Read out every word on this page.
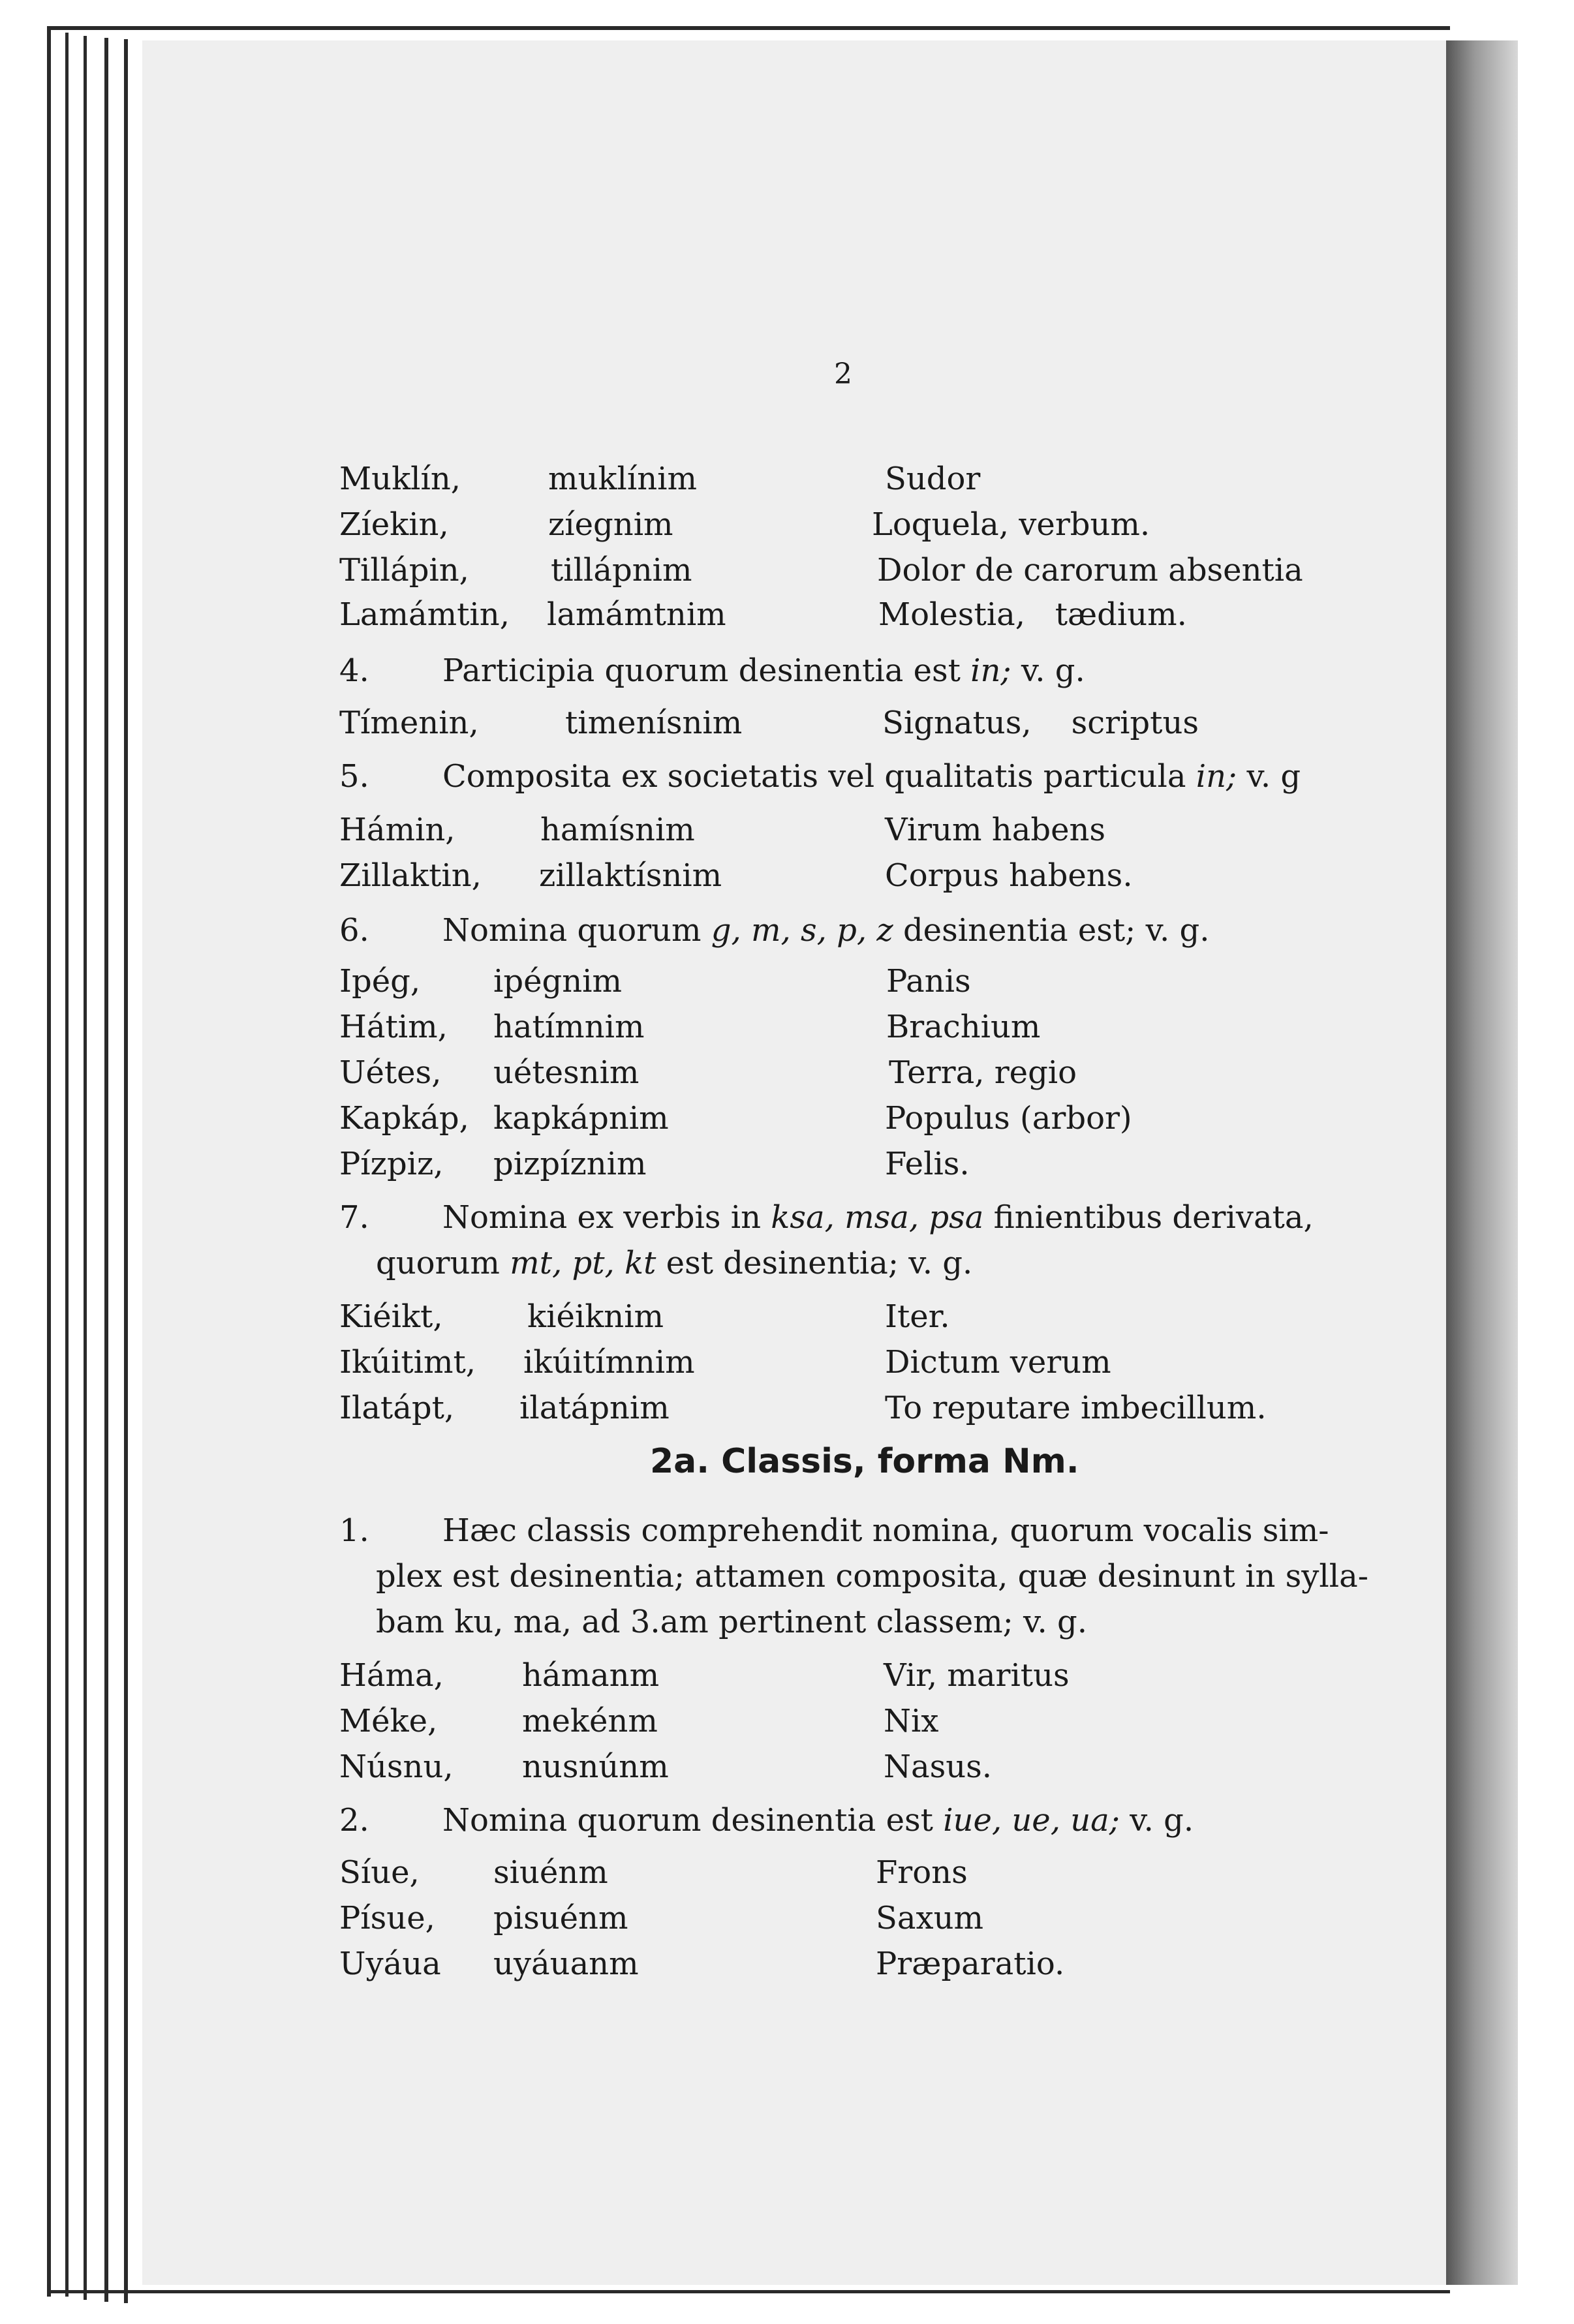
2
Muklín,	muklínim	Sudor
Zíekin,	zíegnim	Loquela, verbum.
Tillápin,	tillápnim	Dolor de carorum absentia
Lamámtin, lamámtnim	Molestia,   tædium.
4. Participia quorum desinentia est in; v. g.
Tímenin,	timenísnim	Signatus,    scriptus
5. Composita ex societatis vel qualitatis particula in; v. g
Hámin,	hamísnim	Virum habens
Zillaktin, zillaktísnim	Corpus habens.
6. Nomina quorum g, m, s, p, z desinentia est; v. g.
Ipég, ipégnim	Panis
Hátim, hatímnim	Brachium
Uétes, uétesnim	Terra, regio
Kapkáp, kapkápnim	Populus (arbor)
Pízpiz, pizpíznim	Felis.
7. Nomina ex verbis in ksa, msa, psa finientibus derivata,
quorum mt, pt, kt est desinentia; v. g.
Kiéikt,	kiéiknim	Iter.
Ikúitimt, ikúitímnim	Dictum verum
Ilatápt, ilatápnim	To reputare imbecillum.
2a. Classis, forma Nm.
1. Hæc classis comprehendit nomina, quorum vocalis sim-
plex est desinentia; attamen composita, quæ desinunt in sylla-
bam ku, ma, ad 3.am pertinent classem; v. g.
Háma,	hámanm	Vir, maritus
Méke,	mekénm	Nix
Núsnu, nusnúnm	Nasus.
2. Nomina quorum desinentia est iue, ue, ua; v. g.
Síue, siuénm	Frons
Písue, pisuénm	Saxum
Uyáua uyáuanm	Præparatio.
